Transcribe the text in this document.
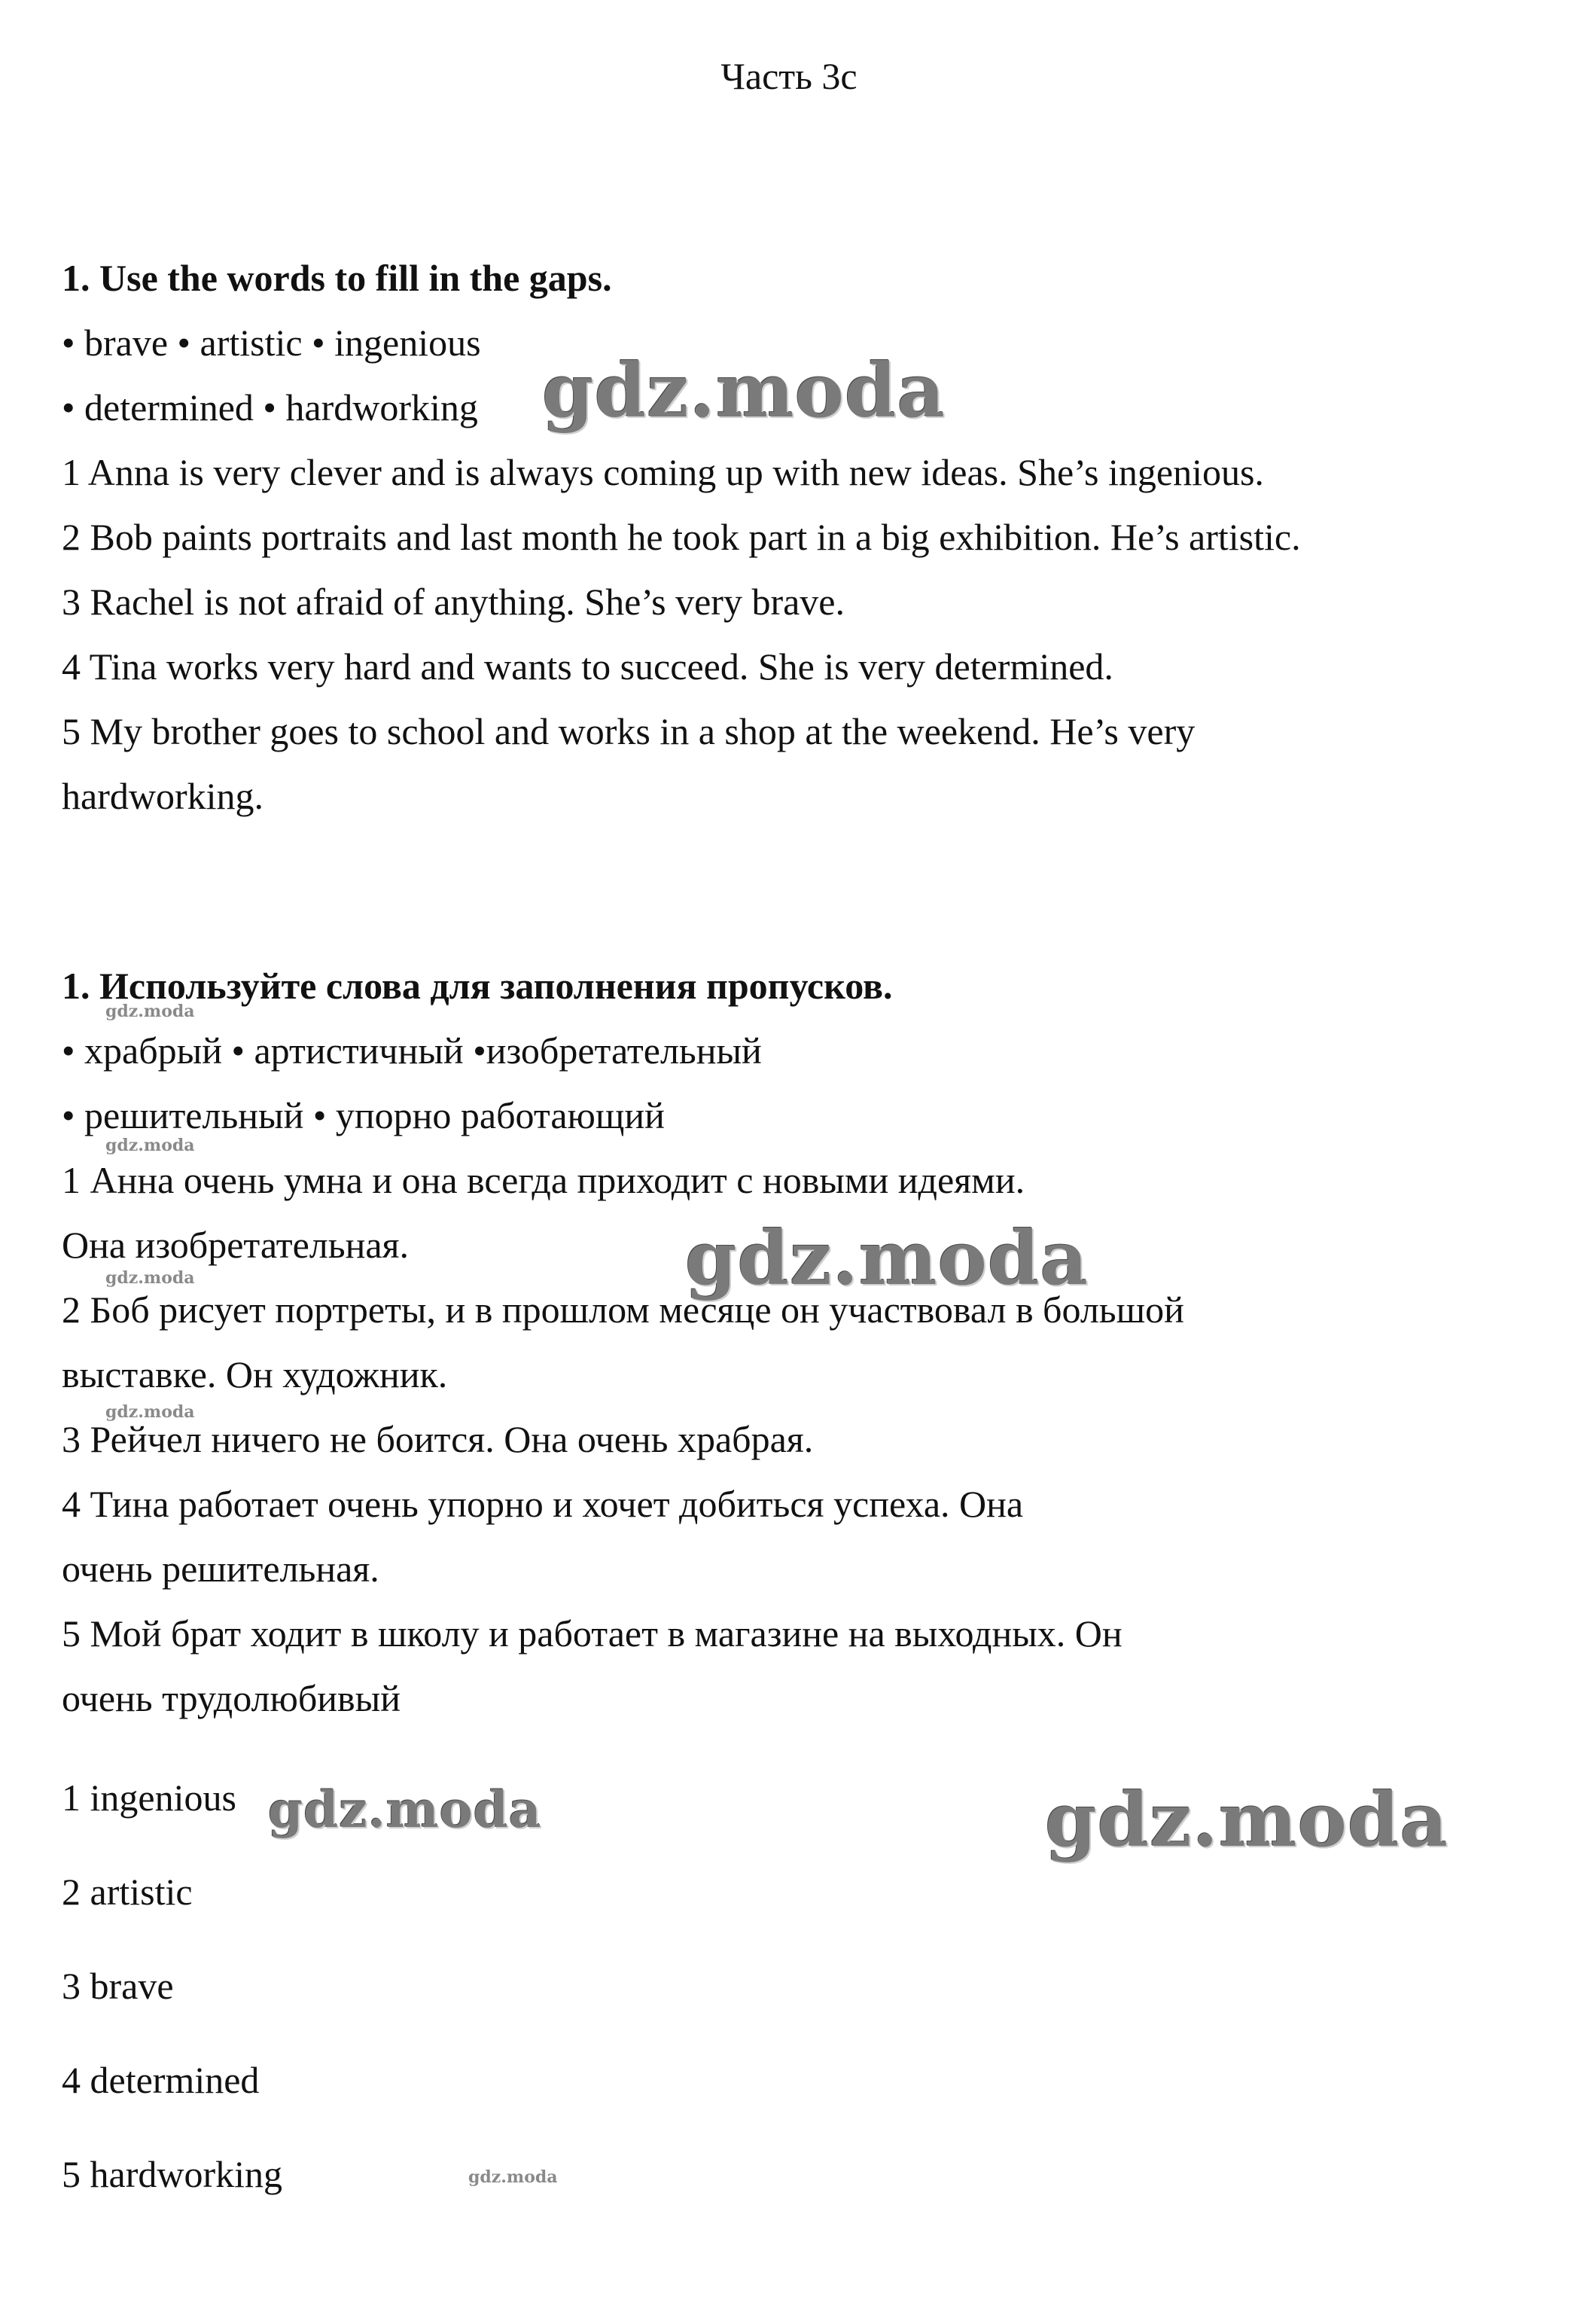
Часть 3с
1. Use the words to fill in the gaps.
• brave • artistic • ingenious
• determined • hardworking
1 Anna is very clever and is always coming up with new ideas. She’s ingenious.
2 Bob paints portraits and last month he took part in a big exhibition. He’s artistic.
3 Rachel is not afraid of anything. She’s very brave.
4 Tina works very hard and wants to succeed. She is very determined.
5 My brother goes to school and works in a shop at the weekend. He’s very
hardworking.
1. Используйте слова для заполнения пропусков.
• храбрый • артистичный •изобретательный
• решительный • упорно работающий
1 Анна очень умна и она всегда приходит с новыми идеями.
Она изобретательная.
2 Боб рисует портреты, и в прошлом месяце он участвовал в большой
выставке. Он художник.
3 Рейчел ничего не боится. Она очень храбрая.
4 Тина работает очень упорно и хочет добиться успеха. Она
очень решительная.
5 Мой брат ходит в школу и работает в магазине на выходных. Он
очень трудолюбивый
1 ingenious
2 artistic
3 brave
4 determined
5 hardworking
gdz.moda
gdz.moda
gdz.moda	gdz.moda
gdz.moda
gdz.moda
gdz.moda
gdz.moda
gdz.moda
